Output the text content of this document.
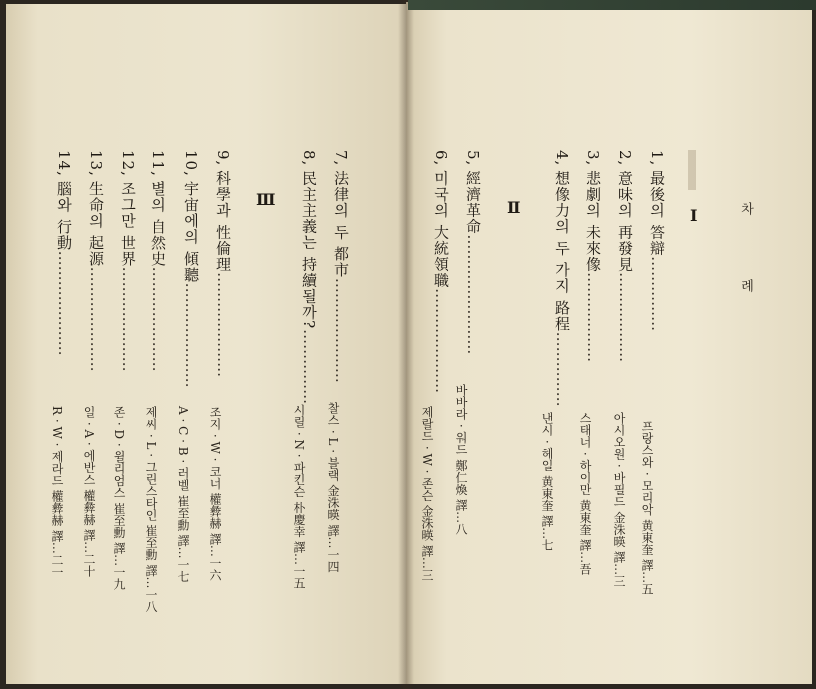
차 례
Ⅰ
Ⅱ
Ⅲ
1,最後의 答辯……………
프랑스와 · 모리악 黄東奎 譯…五
2,意味의 再發見………………
아시오원 · 바필드 金洙暎 譯…三
3,悲劇의 未來像………………
스태너 · 하이만 黄東奎 譯…吾
4,想像力의 두 가지 路程……………
낸시 · 헤일 黄東奎 譯…七
5,經濟革命……………………
바바라 · 워드 鄭仁煥 譯…八
6,미국의 大統領職…………………
제랄드 · W · 존슨 金洙暎 譯…三
7,法律의 두 都市…………………
찰스 · L · 블랙 金洙暎 譯…一四
8,民主主義는 持續될까?……………
시릴 · N · 파킨슨 朴慶幸 譯…一五
9,科學과 性倫理…………………
조지 · W · 코너 權彜赫 譯…一六
10,宇宙에의 傾聽…………………
A · C · B · 러벨 崔至勳 譯…一七
11,별의 自然史…………………
제씨 · L · 그린스타인 崔至勳 譯…一八
12,조그만 世界…………………
존 · D · 윌리엄스 崔至勳 譯…一九
13,生命의 起源…………………
일 · A · 에반스 權彜赫 譯…二十
14,腦와 行動…………………
R · W · 제라드 權彜赫 譯…二一
